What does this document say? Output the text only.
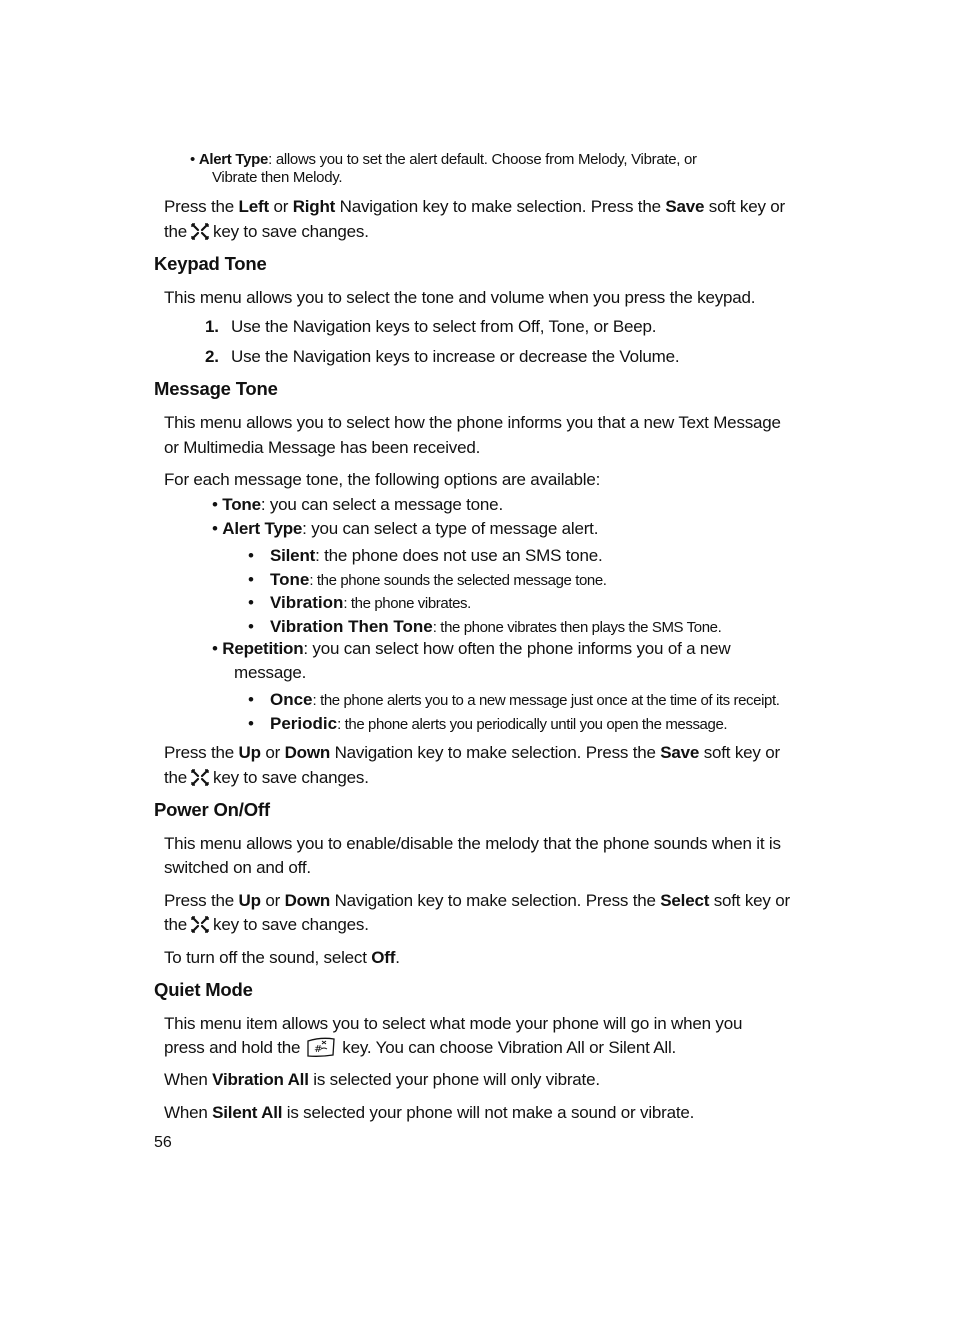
• Alert Type: allows you to set the alert default. Choose from Melody, Vibrate, or
Vibrate then Melody.
Press the Left or Right Navigation key to make selection. Press the Save soft key or
the key to save changes.
Keypad Tone
This menu allows you to select the tone and volume when you press the keypad.
1. Use the Navigation keys to select from Off, Tone, or Beep.
2. Use the Navigation keys to increase or decrease the Volume.
Message Tone
This menu allows you to select how the phone informs you that a new Text Message
or Multimedia Message has been received.
For each message tone, the following options are available:
• Tone: you can select a message tone.
• Alert Type: you can select a type of message alert.
• Silent: the phone does not use an SMS tone.
• Tone: the phone sounds the selected message tone.
• Vibration: the phone vibrates.
• Vibration Then Tone: the phone vibrates then plays the SMS Tone.
• Repetition: you can select how often the phone informs you of a new
message.
• Once: the phone alerts you to a new message just once at the time of its receipt.
• Periodic: the phone alerts you periodically until you open the message.
Press the Up or Down Navigation key to make selection. Press the Save soft key or
the key to save changes.
Power On/Off
This menu allows you to enable/disable the melody that the phone sounds when it is
switched on and off.
Press the Up or Down Navigation key to make selection. Press the Select soft key or
the key to save changes.
To turn off the sound, select Off.
Quiet Mode
This menu item allows you to select what mode your phone will go in when you
press and hold the # key. You can choose Vibration All or Silent All.
When Vibration All is selected your phone will only vibrate.
When Silent All is selected your phone will not make a sound or vibrate.
56
